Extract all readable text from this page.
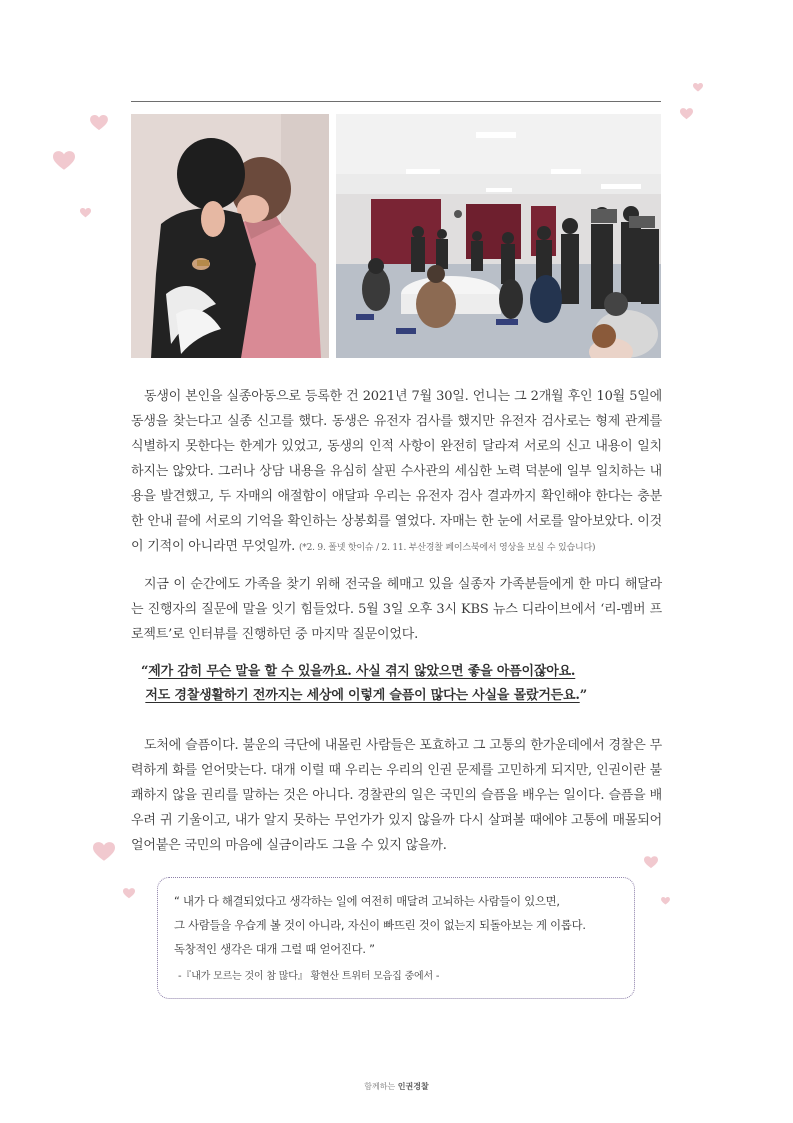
동생이 본인을 실종아동으로 등록한 건 2021년 7월 30일. 언니는 그 2개월 후인 10월 5일에 동생을 찾는다고 실종 신고를 했다. 동생은 유전자 검사를 했지만 유전자 검사로는 형제 관계를 식별하지 못한다는 한계가 있었고, 동생의 인적 사항이 완전히 달라져 서로의 신고 내용이 일치하지는 않았다. 그러나 상담 내용을 유심히 살핀 수사관의 세심한 노력 덕분에 일부 일치하는 내용을 발견했고, 두 자매의 애절함이 애달파 우리는 유전자 검사 결과까지 확인해야 한다는 충분한 안내 끝에 서로의 기억을 확인하는 상봉회를 열었다. 자매는 한 눈에 서로를 알아보았다. 이것이 기적이 아니라면 무엇일까. (*2. 9. 폴넷 핫이슈 / 2. 11. 부산경찰 페이스북에서 영상을 보실 수 있습니다)

지금 이 순간에도 가족을 찾기 위해 전국을 헤매고 있을 실종자 가족분들에게 한 마디 해달라는 진행자의 질문에 말을 잇기 힘들었다. 5월 3일 오후 3시 KBS 뉴스 디라이브에서 ‘리-멤버 프로젝트’로 인터뷰를 진행하던 중 마지막 질문이었다.

“제가 감히 무슨 말을 할 수 있을까요. 사실 겪지 않았으면 좋을 아픔이잖아요.
저도 경찰생활하기 전까지는 세상에 이렇게 슬픔이 많다는 사실을 몰랐거든요.”

도처에 슬픔이다. 불운의 극단에 내몰린 사람들은 포효하고 그 고통의 한가운데에서 경찰은 무력하게 화를 얻어맞는다. 대개 이럴 때 우리는 우리의 인권 문제를 고민하게 되지만, 인권이란 불쾌하지 않을 권리를 말하는 것은 아니다. 경찰관의 일은 국민의 슬픔을 배우는 일이다. 슬픔을 배우려 귀 기울이고, 내가 알지 못하는 무언가가 있지 않을까 다시 살펴볼 때에야 고통에 매몰되어 얼어붙은 국민의 마음에 실금이라도 그을 수 있지 않을까.

“ 내가 다 해결되었다고 생각하는 일에 여전히 매달려 고뇌하는 사람들이 있으면,
그 사람들을 우습게 볼 것이 아니라, 자신이 빠뜨린 것이 없는지 되돌아보는 게 이롭다.
독창적인 생각은 대개 그럴 때 얻어진다. ”

-『내가 모르는 것이 참 많다』 황현산 트위터 모음집 중에서 -

함께하는 인권경찰
